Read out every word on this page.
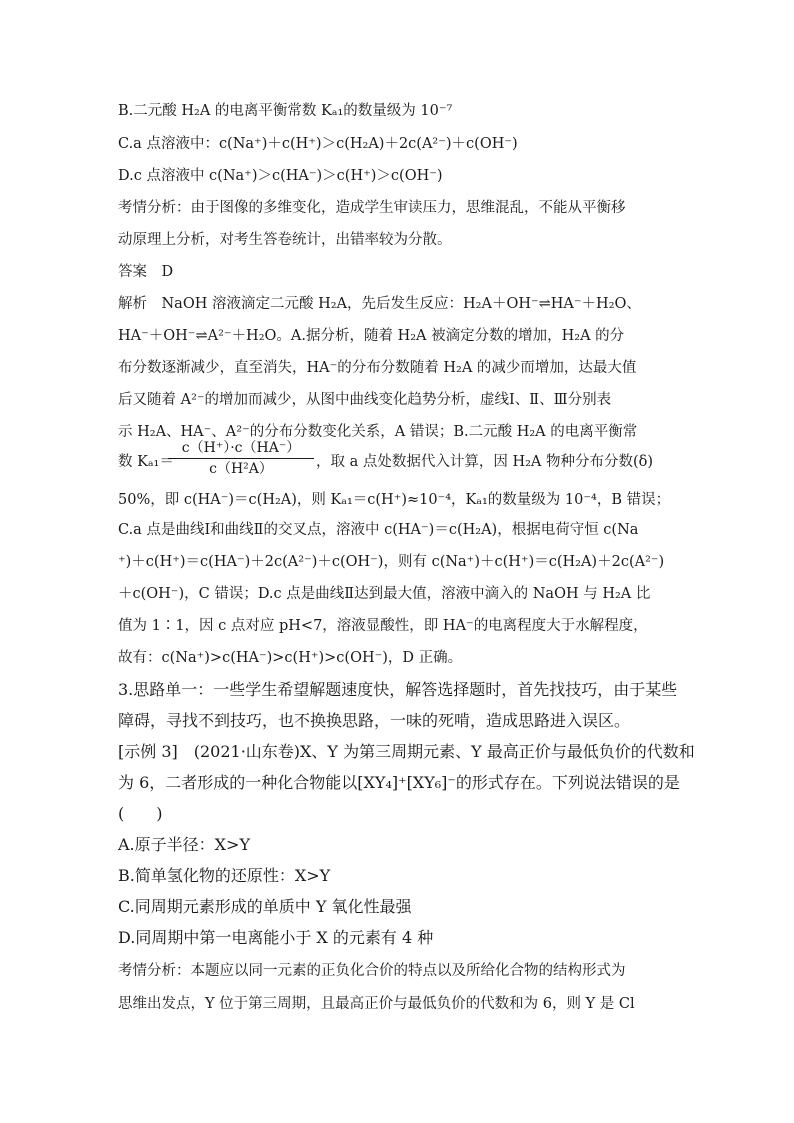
B.二元酸 H₂A 的电离平衡常数 Kₐ₁的数量级为 10⁻⁷
C.a 点溶液中：c(Na⁺)＋c(H⁺)＞c(H₂A)＋2c(A²⁻)＋c(OH⁻)
D.c 点溶液中 c(Na⁺)＞c(HA⁻)＞c(H⁺)＞c(OH⁻)
考情分析：由于图像的多维变化，造成学生审读压力，思维混乱，不能从平衡移
动原理上分析，对考生答卷统计，出错率较为分散。
答案　D
解析　NaOH 溶液滴定二元酸 H₂A，先后发生反应：H₂A＋OH⁻⇌HA⁻＋H₂O、
HA⁻＋OH⁻⇌A²⁻＋H₂O。A.据分析，随着 H₂A 被滴定分数的增加，H₂A 的分
布分数逐渐减少，直至消失，HA⁻的分布分数随着 H₂A 的减少而增加，达最大值
后又随着 A²⁻的增加而减少，从图中曲线变化趋势分析，虚线Ⅰ、Ⅱ、Ⅲ分别表
示 H₂A、HA⁻、A²⁻的分布分数变化关系，A 错误；B.二元酸 H₂A 的电离平衡常
数 Kₐ₁＝
c（H⁺）·c（HA⁻）
c（H²A）	，取 a 点处数据代入计算，因 H₂A 物种分布分数(δ)
50%，即 c(HA⁻)＝c(H₂A)，则 Kₐ₁＝c(H⁺)≈10⁻⁴，Kₐ₁的数量级为 10⁻⁴，B 错误；
C.a 点是曲线Ⅰ和曲线Ⅱ的交叉点，溶液中 c(HA⁻)＝c(H₂A)，根据电荷守恒 c(Na
⁺)＋c(H⁺)＝c(HA⁻)＋2c(A²⁻)＋c(OH⁻)，则有 c(Na⁺)＋c(H⁺)＝c(H₂A)＋2c(A²⁻)
＋c(OH⁻)，C 错误；D.c 点是曲线Ⅱ达到最大值，溶液中滴入的 NaOH 与 H₂A 比
值为 1∶1，因 c 点对应 pH<7，溶液显酸性，即 HA⁻的电离程度大于水解程度，
故有：c(Na⁺)>c(HA⁻)>c(H⁺)>c(OH⁻)，D 正确。
3.思路单一：一些学生希望解题速度快，解答选择题时，首先找技巧，由于某些
障碍，寻找不到技巧，也不换换思路，一味的死啃，造成思路进入误区。
[示例 3]　(2021·山东卷)X、Y 为第三周期元素、Y 最高正价与最低负价的代数和
为 6，二者形成的一种化合物能以[XY₄]⁺[XY₆]⁻的形式存在。下列说法错误的是
(　　)
A.原子半径：X>Y
B.简单氢化物的还原性：X>Y
C.同周期元素形成的单质中 Y 氧化性最强
D.同周期中第一电离能小于 X 的元素有 4 种
考情分析：本题应以同一元素的正负化合价的特点以及所给化合物的结构形式为
思维出发点，Y 位于第三周期，且最高正价与最低负价的代数和为 6，则 Y 是 Cl
